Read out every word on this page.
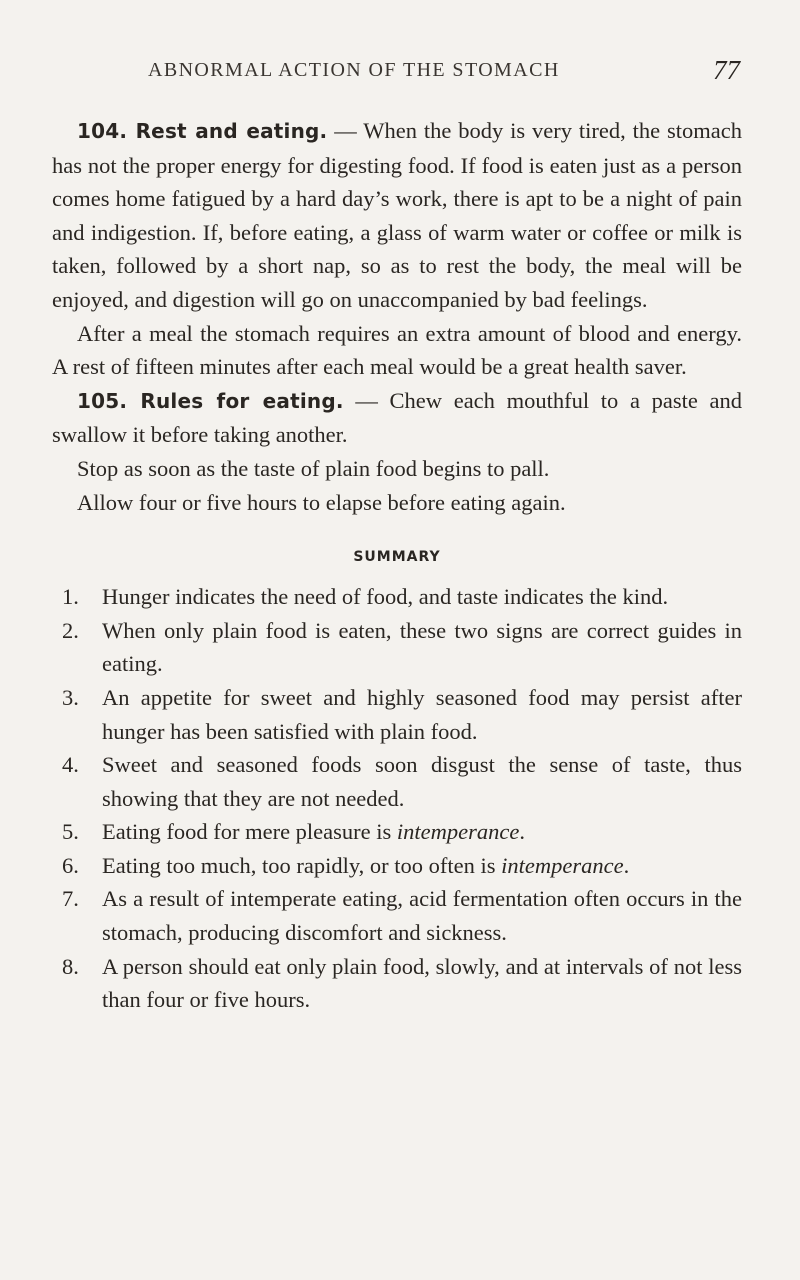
ABNORMAL ACTION OF THE STOMACH	77

104. Rest and eating. — When the body is very tired, the stomach has not the proper energy for digesting food. If food is eaten just as a person comes home fatigued by a hard day’s work, there is apt to be a night of pain and indigestion. If, before eating, a glass of warm water or coffee or milk is taken, followed by a short nap, so as to rest the body, the meal will be enjoyed, and digestion will go on unaccompanied by bad feelings.

After a meal the stomach requires an extra amount of blood and energy. A rest of fifteen minutes after each meal would be a great health saver.

105. Rules for eating. — Chew each mouthful to a paste and swallow it before taking another.

Stop as soon as the taste of plain food begins to pall.

Allow four or five hours to elapse before eating again.

SUMMARY
1. Hunger indicates the need of food, and taste indicates the kind.
2. When only plain food is eaten, these two signs are correct guides in eating.
3. An appetite for sweet and highly seasoned food may persist after hunger has been satisfied with plain food.
4. Sweet and seasoned foods soon disgust the sense of taste, thus showing that they are not needed.
5. Eating food for mere pleasure is intemperance.
6. Eating too much, too rapidly, or too often is intemperance.
7. As a result of intemperate eating, acid fermentation often occurs in the stomach, producing discomfort and sickness.
8. A person should eat only plain food, slowly, and at intervals of not less than four or five hours.
